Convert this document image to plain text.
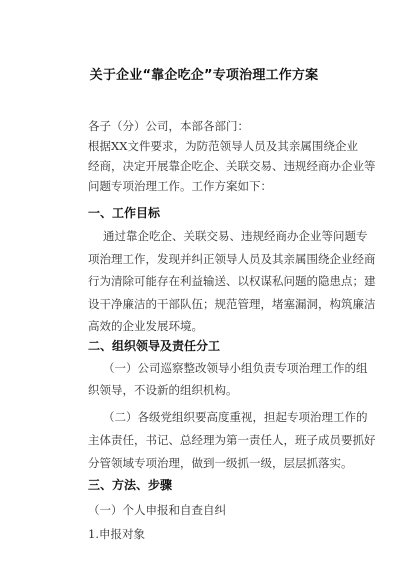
关于企业“靠企吃企”专项治理工作方案
各子（分）公司，本部各部门：
根据XX文件要求，为防范领导人员及其亲属围绕企业
经商，决定开展靠企吃企、关联交易、违规经商办企业等
问题专项治理工作。工作方案如下：
一、工作目标
通过靠企吃企、关联交易、违规经商办企业等问题专
项治理工作，发现并纠正领导人员及其亲属围绕企业经商
行为清除可能存在利益输送、以权谋私问题的隐患点；建
设干净廉洁的干部队伍；规范管理，堵塞漏洞，构筑廉洁
高效的企业发展环境。
二、组织领导及责任分工
（一）公司巡察整改领导小组负责专项治理工作的组
织领导，不设新的组织机构。
（二）各级党组织要高度重视，担起专项治理工作的
主体责任，书记、总经理为第一责任人，班子成员要抓好
分管领域专项治理，做到一级抓一级，层层抓落实。
三、方法、步骤
（一）个人申报和自查自纠
1.申报对象
